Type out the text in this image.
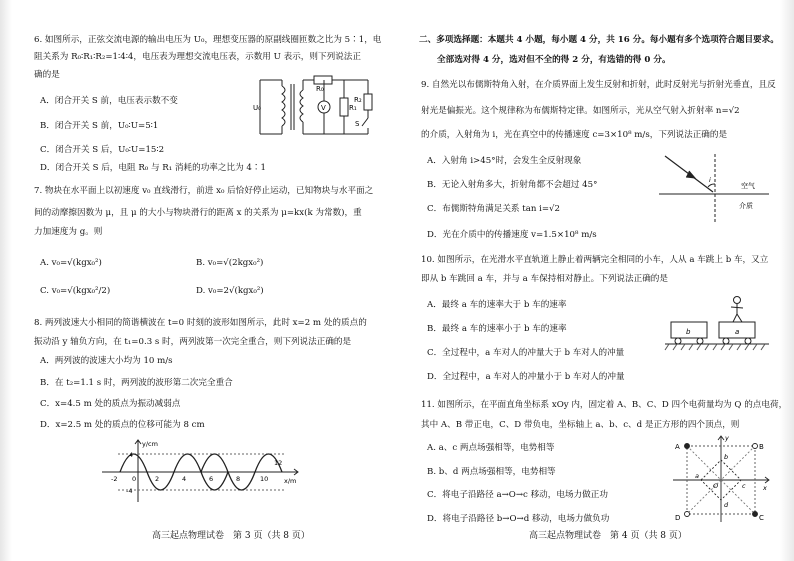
6. 如图所示，正弦交流电源的输出电压为 U₀，理想变压器的原副线圈匝数之比为 5∶1，电
阻关系为 R₀∶R₁∶R₂=1∶4∶4，电压表为理想交流电压表，示数用 U 表示，则下列说法正
确的是
A．闭合开关 S 前，电压表示数不变
B．闭合开关 S 前，U₀∶U=5∶1
C．闭合开关 S 后，U₀∶U=15∶2
D．闭合开关 S 后，电阻 R₀ 与 R₁ 消耗的功率之比为 4∶1
U₀
R₀
V	R₁
R₂
S
7. 物块在水平面上以初速度 v₀ 直线滑行，前进 x₀ 后恰好停止运动，已知物块与水平面之
间的动摩擦因数为 μ，且 μ 的大小与物块滑行的距离 x 的关系为 μ=kx(k 为常数)，重
力加速度为 g。则
A. v₀=√(kgx₀²)	B. v₀=√(2kgx₀²)
C. v₀=√(kgx₀²/2)	D. v₀=2√(kgx₀²)
8. 两列波速大小相同的简谐横波在 t=0 时刻的波形如图所示，此时 x=2 m 处的质点的
振动沿 y 轴负方向，在 t₁=0.3 s 时，两列波第一次完全重合，则下列说法正确的是
A．两列波的波速大小均为 10 m/s
B．在 t₂=1.1 s 时，两列波的波形第二次完全重合
C．x=4.5 m 处的质点为振动减弱点
D．x=2.5 m 处的质点的位移可能为 8 cm
y/cm
x/m
4
-4
-2 0	2	4	6	8	10
12
高三起点物理试卷　第 3 页（共 8 页）
二、多项选择题：本题共 4 小题，每小题 4 分，共 16 分。每小题有多个选项符合题目要求。
全部选对得 4 分，选对但不全的得 2 分，有选错的得 0 分。
9. 自然光以布儒斯特角入射，在介质界面上发生反射和折射，此时反射光与折射光垂直，且反
射光是偏振光。这个规律称为布儒斯特定律。如图所示，光从空气射入折射率 n=√2
的介质，入射角为 i，光在真空中的传播速度 c=3×10⁸ m/s，下列说法正确的是
A．入射角 i>45°时，会发生全反射现象
B．无论入射角多大，折射角都不会超过 45°
C．布儒斯特角满足关系 tan i=√2
D．光在介质中的传播速度 v=1.5×10⁸ m/s
i
空气
介质
10. 如图所示，在光滑水平直轨道上静止着两辆完全相同的小车，人从 a 车跳上 b 车，又立
即从 b 车跳回 a 车，并与 a 车保持相对静止。下列说法正确的是
A．最终 a 车的速率大于 b 车的速率
B．最终 a 车的速率小于 b 车的速率
C．全过程中，a 车对人的冲量大于 b 车对人的冲量
D．全过程中，a 车对人的冲量小于 b 车对人的冲量
b	a
11. 如图所示，在平面直角坐标系 xOy 内，固定着 A、B、C、D 四个电荷量均为 Q 的点电荷，
其中 A、B 带正电，C、D 带负电，坐标轴上 a、b、c、d 是正方形的四个顶点，则
A. a、c 两点场强相等，电势相等
B. b、d 两点场强相等，电势相等
C．将电子沿路径 a→O→c 移动，电场力做正功
D．将电子沿路径 b→O→d 移动，电场力做负功
A	B
C
D
a
b
c
d
O	x
y
高三起点物理试卷　第 4 页（共 8 页）
